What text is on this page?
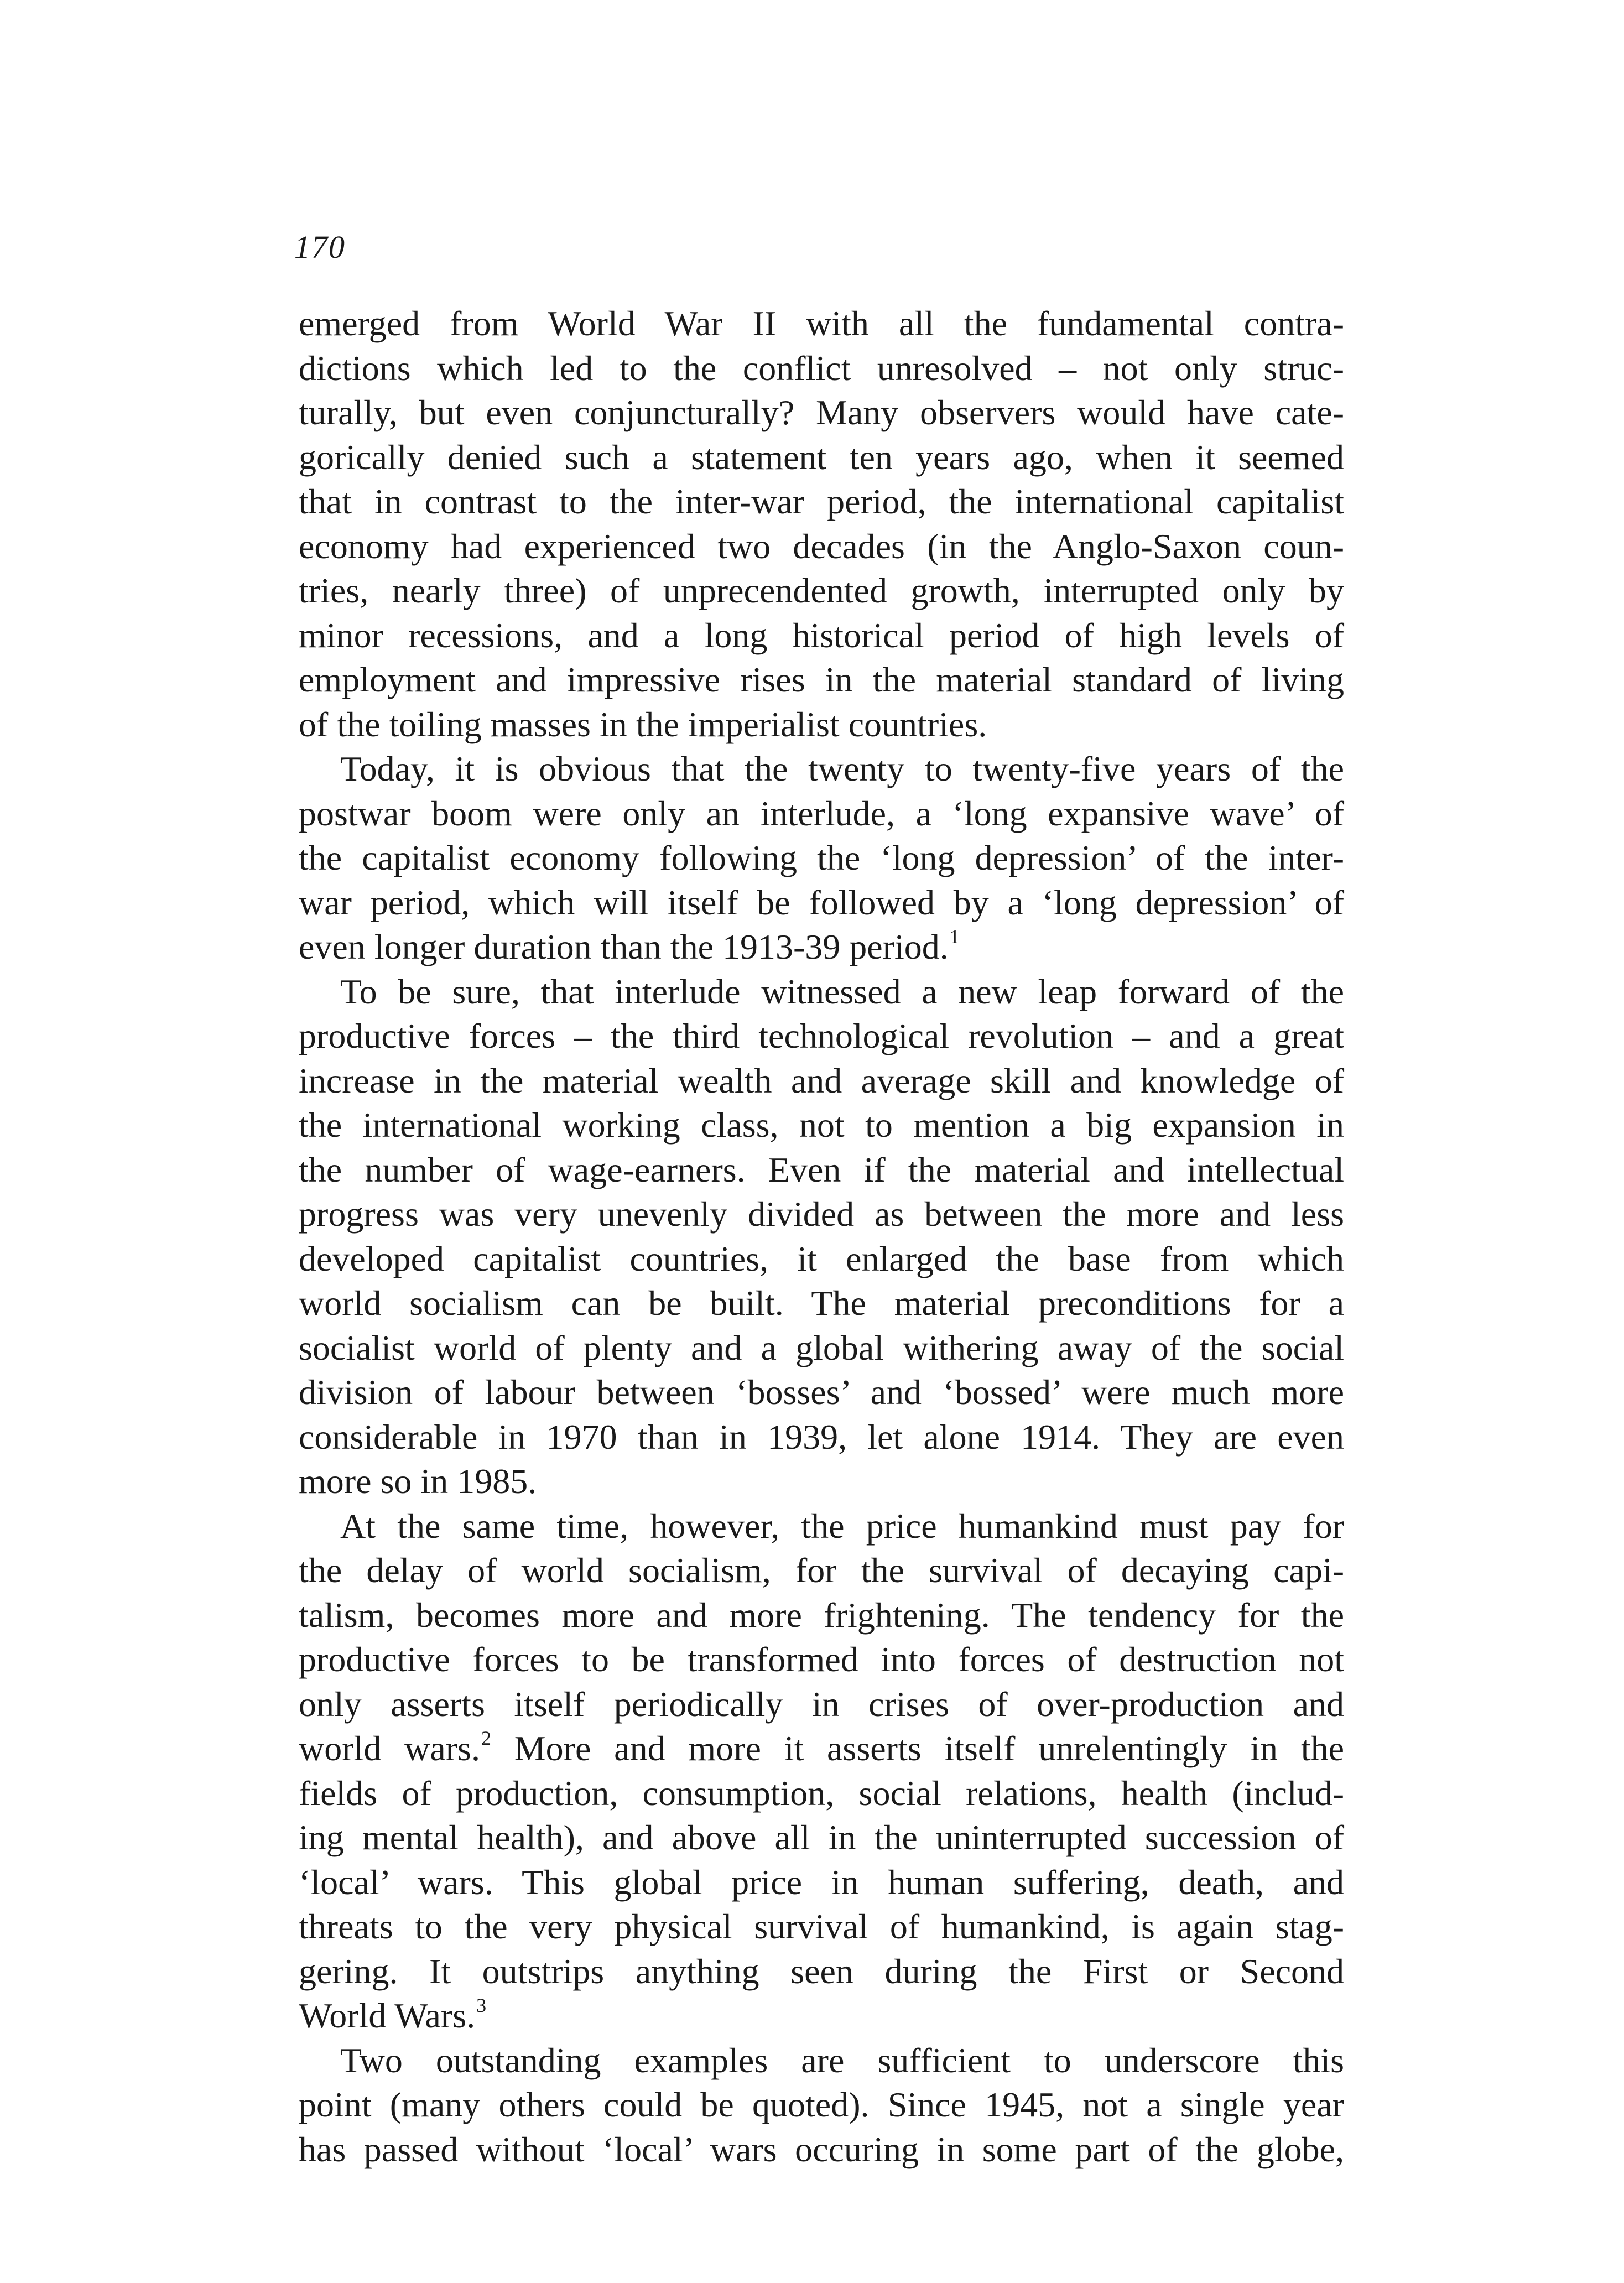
170
emerged from World War II with all the fundamental contra-
dictions which led to the conflict unresolved – not only struc-
turally, but even conjuncturally? Many observers would have cate-
gorically denied such a statement ten years ago, when it seemed
that in contrast to the inter-war period, the international capitalist
economy had experienced two decades (in the Anglo-Saxon coun-
tries, nearly three) of unprecendented growth, interrupted only by
minor recessions, and a long historical period of high levels of
employment and impressive rises in the material standard of living
of the toiling masses in the imperialist countries.
Today, it is obvious that the twenty to twenty-five years of the
postwar boom were only an interlude, a ‘long expansive wave’ of
the capitalist economy following the ‘long depression’ of the inter-
war period, which will itself be followed by a ‘long depression’ of
even longer duration than the 1913-39 period.$^1$
To be sure, that interlude witnessed a new leap forward of the
productive forces – the third technological revolution – and a great
increase in the material wealth and average skill and knowledge of
the international working class, not to mention a big expansion in
the number of wage-earners. Even if the material and intellectual
progress was very unevenly divided as between the more and less
developed capitalist countries, it enlarged the base from which
world socialism can be built. The material preconditions for a
socialist world of plenty and a global withering away of the social
division of labour between ‘bosses’ and ‘bossed’ were much more
considerable in 1970 than in 1939, let alone 1914. They are even
more so in 1985.
At the same time, however, the price humankind must pay for
the delay of world socialism, for the survival of decaying capi-
talism, becomes more and more frightening. The tendency for the
productive forces to be transformed into forces of destruction not
only asserts itself periodically in crises of over-production and
world wars.$^2$ More and more it asserts itself unrelentingly in the
fields of production, consumption, social relations, health (includ-
ing mental health), and above all in the uninterrupted succession of
‘local’ wars. This global price in human suffering, death, and
threats to the very physical survival of humankind, is again stag-
gering. It outstrips anything seen during the First or Second
World Wars.$^3$
Two outstanding examples are sufficient to underscore this
point (many others could be quoted). Since 1945, not a single year
has passed without ‘local’ wars occuring in some part of the globe,
